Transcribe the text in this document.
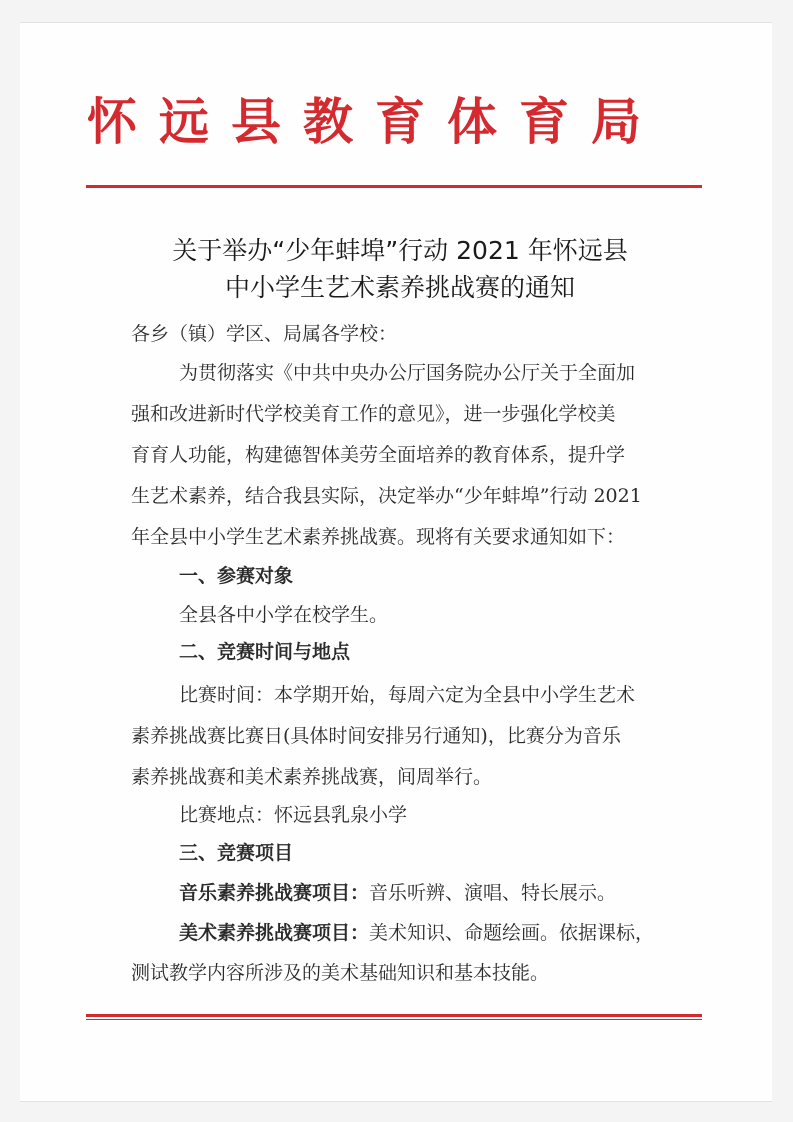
怀远县教育体育局
关于举办“少年蚌埠”行动 2021 年怀远县
中小学生艺术素养挑战赛的通知
各乡（镇）学区、局属各学校：
为贯彻落实《中共中央办公厅国务院办公厅关于全面加
强和改进新时代学校美育工作的意见》，进一步强化学校美
育育人功能，构建德智体美劳全面培养的教育体系，提升学
生艺术素养，结合我县实际，决定举办“少年蚌埠”行动 2021
年全县中小学生艺术素养挑战赛。现将有关要求通知如下：
一、参赛对象
全县各中小学在校学生。
二、竞赛时间与地点
比赛时间：本学期开始，每周六定为全县中小学生艺术
素养挑战赛比赛日(具体时间安排另行通知)，比赛分为音乐
素养挑战赛和美术素养挑战赛，间周举行。
比赛地点：怀远县乳泉小学
三、竞赛项目
音乐素养挑战赛项目：音乐听辨、演唱、特长展示。
美术素养挑战赛项目：美术知识、命题绘画。依据课标，
测试教学内容所涉及的美术基础知识和基本技能。
